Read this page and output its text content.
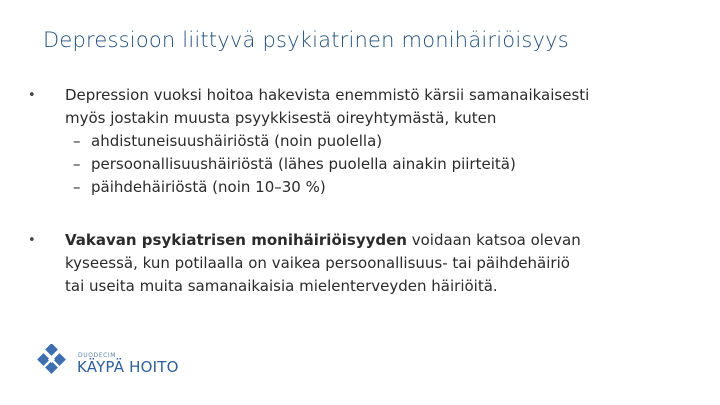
Depressioon liittyvä psykiatrinen monihäiriöisyys
•	Depression vuoksi hoitoa hakevista enemmistö kärsii samanaikaisesti
myös jostakin muusta psyykkisestä oireyhtymästä, kuten
– ahdistuneisuushäiriöstä (noin puolella)
– persoonallisuushäiriöstä (lähes puolella ainakin piirteitä)
– päihdehäiriöstä (noin 10–30 %)
•	Vakavan psykiatrisen monihäiriöisyyden voidaan katsoa olevan
kyseessä, kun potilaalla on vaikea persoonallisuus- tai päihdehäiriö
tai useita muita samanaikaisia mielenterveyden häiriöitä.
DUODECIM
KÄYPÄ HOITO
